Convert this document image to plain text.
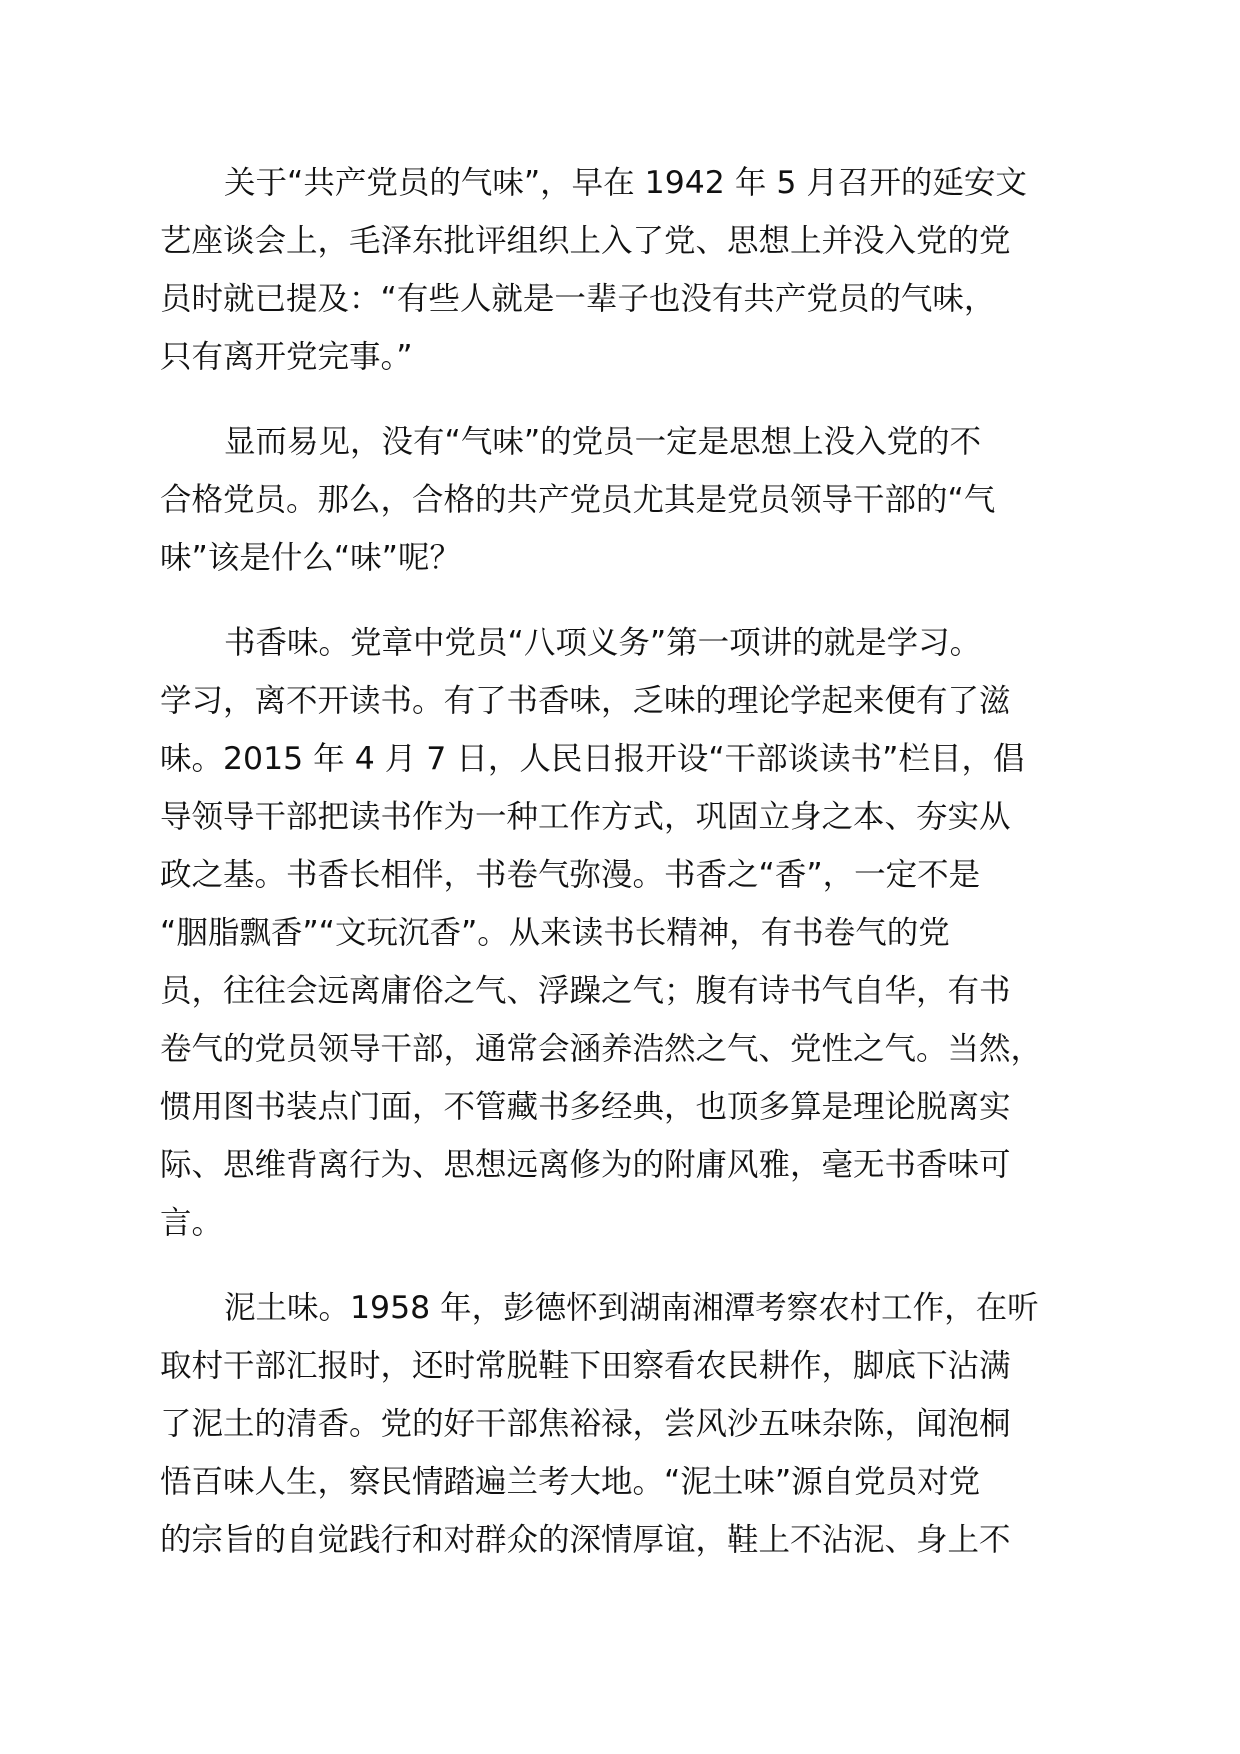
关于“共产党员的气味”，早在 1942 年 5 月召开的延安文
艺座谈会上，毛泽东批评组织上入了党、思想上并没入党的党
员时就已提及：“有些人就是一辈子也没有共产党员的气味，
只有离开党完事。”
显而易见，没有“气味”的党员一定是思想上没入党的不
合格党员。那么，合格的共产党员尤其是党员领导干部的“气
味”该是什么“味”呢？
书香味。党章中党员“八项义务”第一项讲的就是学习。
学习，离不开读书。有了书香味，乏味的理论学起来便有了滋
味。2015 年 4 月 7 日，人民日报开设“干部谈读书”栏目，倡
导领导干部把读书作为一种工作方式，巩固立身之本、夯实从
政之基。书香长相伴，书卷气弥漫。书香之“香”，一定不是
“胭脂飘香”“文玩沉香”。从来读书长精神，有书卷气的党
员，往往会远离庸俗之气、浮躁之气；腹有诗书气自华，有书
卷气的党员领导干部，通常会涵养浩然之气、党性之气。当然，
惯用图书装点门面，不管藏书多经典，也顶多算是理论脱离实
际、思维背离行为、思想远离修为的附庸风雅，毫无书香味可
言。
泥土味。1958 年，彭德怀到湖南湘潭考察农村工作，在听
取村干部汇报时，还时常脱鞋下田察看农民耕作，脚底下沾满
了泥土的清香。党的好干部焦裕禄，尝风沙五味杂陈，闻泡桐
悟百味人生，察民情踏遍兰考大地。“泥土味”源自党员对党
的宗旨的自觉践行和对群众的深情厚谊，鞋上不沾泥、身上不
